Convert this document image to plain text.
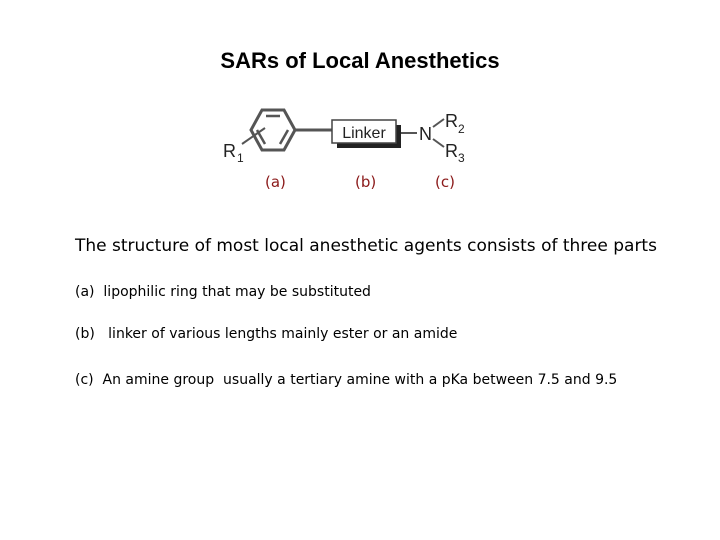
SARs of Local Anesthetics
R 1
Linker N
R 2
R 3
(a)	(b)	(c)
The structure of most local anesthetic agents consists of three parts
(a) lipophilic ring that may be substituted
(b) linker of various lengths mainly ester or an amide
(c) An amine group  usually a tertiary amine with a pKa between 7.5 and 9.5
